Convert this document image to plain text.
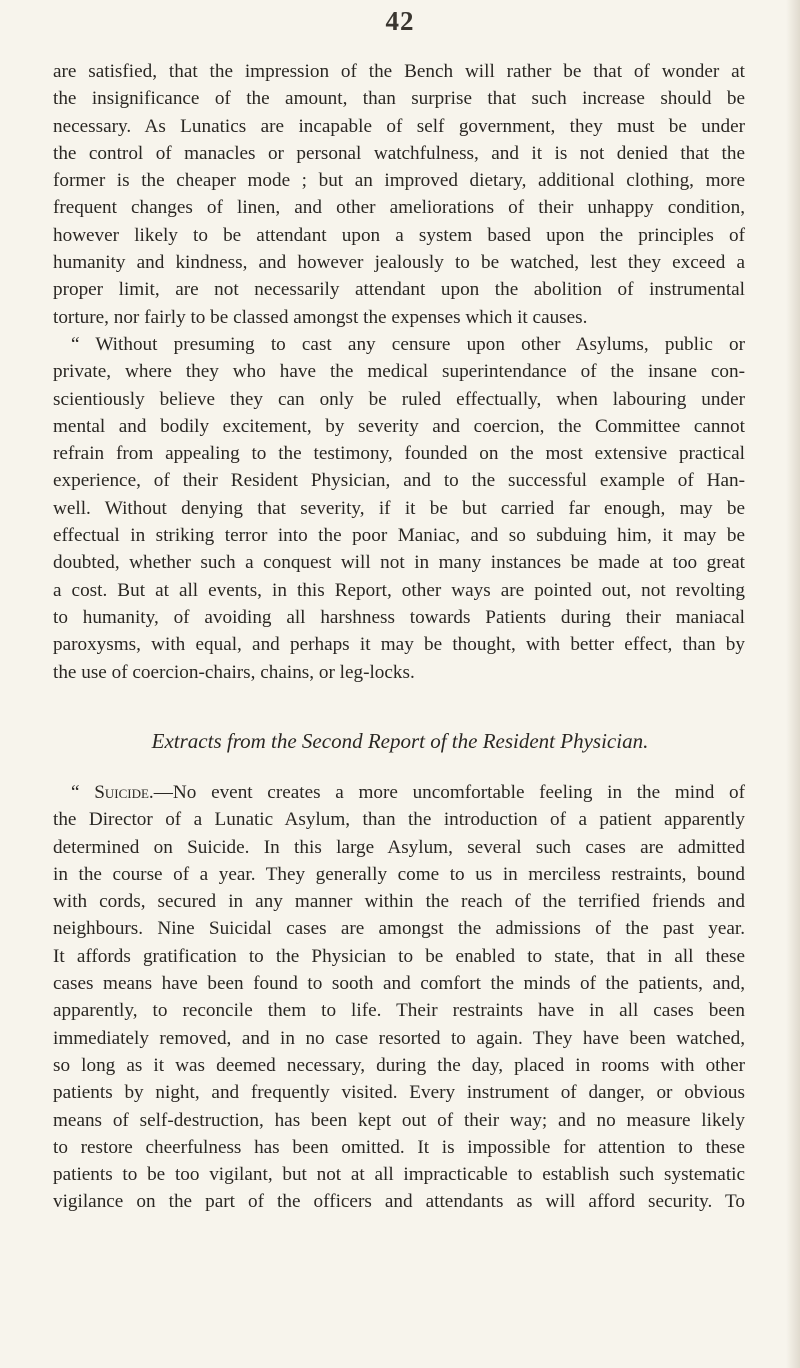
42
are satisfied, that the impression of the Bench will rather be that of wonder at
the insignificance of the amount, than surprise that such increase should be
necessary. As Lunatics are incapable of self government, they must be under
the control of manacles or personal watchfulness, and it is not denied that the
former is the cheaper mode ; but an improved dietary, additional clothing, more
frequent changes of linen, and other ameliorations of their unhappy condition,
however likely to be attendant upon a system based upon the principles of
humanity and kindness, and however jealously to be watched, lest they exceed a
proper limit, are not necessarily attendant upon the abolition of instrumental
torture, nor fairly to be classed amongst the expenses which it causes.
“ Without presuming to cast any censure upon other Asylums, public or
private, where they who have the medical superintendance of the insane con-
scientiously believe they can only be ruled effectually, when labouring under
mental and bodily excitement, by severity and coercion, the Committee cannot
refrain from appealing to the testimony, founded on the most extensive practical
experience, of their Resident Physician, and to the successful example of Han-
well. Without denying that severity, if it be but carried far enough, may be
effectual in striking terror into the poor Maniac, and so subduing him, it may be
doubted, whether such a conquest will not in many instances be made at too great
a cost. But at all events, in this Report, other ways are pointed out, not revolting
to humanity, of avoiding all harshness towards Patients during their maniacal
paroxysms, with equal, and perhaps it may be thought, with better effect, than by
the use of coercion-chairs, chains, or leg-locks.
Extracts from the Second Report of the Resident Physician.
“ Suicide.—No event creates a more uncomfortable feeling in the mind of
the Director of a Lunatic Asylum, than the introduction of a patient apparently
determined on Suicide. In this large Asylum, several such cases are admitted
in the course of a year. They generally come to us in merciless restraints, bound
with cords, secured in any manner within the reach of the terrified friends and
neighbours. Nine Suicidal cases are amongst the admissions of the past year.
It affords gratification to the Physician to be enabled to state, that in all these
cases means have been found to sooth and comfort the minds of the patients, and,
apparently, to reconcile them to life. Their restraints have in all cases been
immediately removed, and in no case resorted to again. They have been watched,
so long as it was deemed necessary, during the day, placed in rooms with other
patients by night, and frequently visited. Every instrument of danger, or obvious
means of self-destruction, has been kept out of their way; and no measure likely
to restore cheerfulness has been omitted. It is impossible for attention to these
patients to be too vigilant, but not at all impracticable to establish such systematic
vigilance on the part of the officers and attendants as will afford security. To
